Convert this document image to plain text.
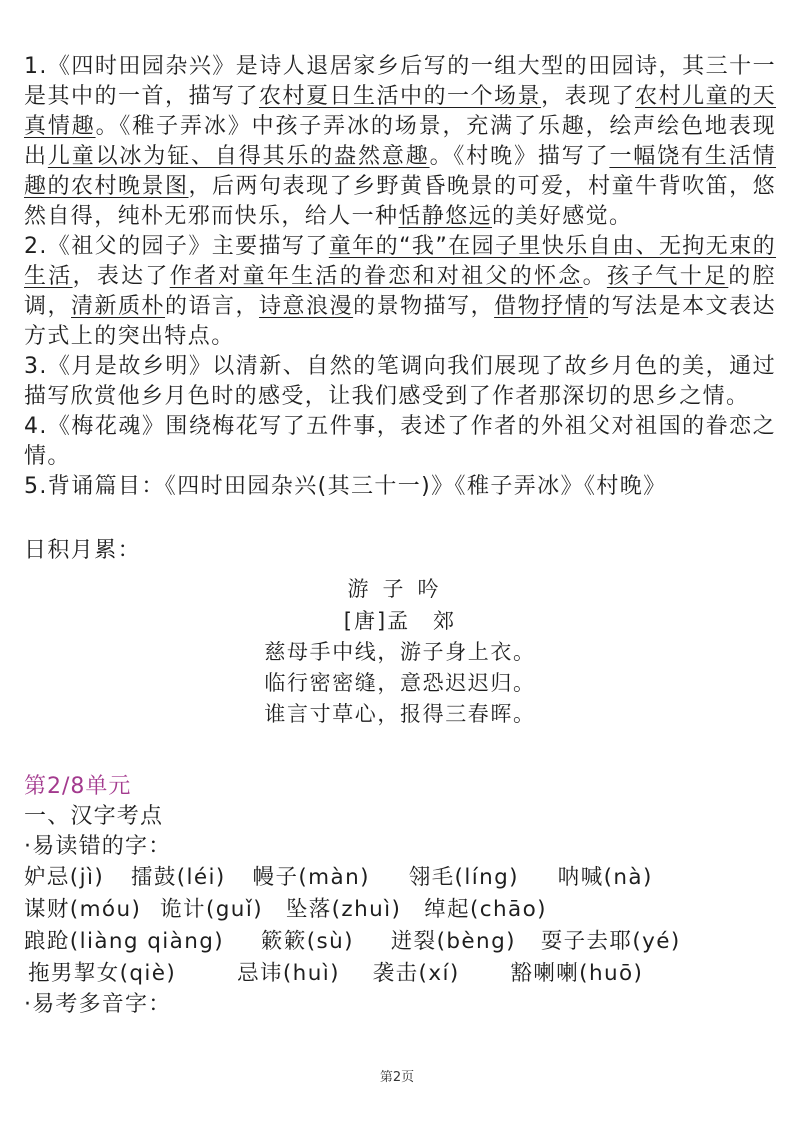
1.《四时田园杂兴》是诗人退居家乡后写的一组大型的田园诗，其三十一是其中的一首，描写了农村夏日生活中的一个场景，表现了农村儿童的天真情趣。《稚子弄冰》中孩子弄冰的场景，充满了乐趣，绘声绘色地表现出儿童以冰为钲、自得其乐的盎然意趣。《村晚》描写了一幅饶有生活情趣的农村晚景图，后两句表现了乡野黄昏晚景的可爱，村童牛背吹笛，悠然自得，纯朴无邪而快乐，给人一种恬静悠远的美好感觉。

2.《祖父的园子》主要描写了童年的“我”在园子里快乐自由、无拘无束的生活，表达了作者对童年生活的眷恋和对祖父的怀念。孩子气十足的腔调，清新质朴的语言，诗意浪漫的景物描写，借物抒情的写法是本文表达方式上的突出特点。

3.《月是故乡明》以清新、自然的笔调向我们展现了故乡月色的美，通过描写欣赏他乡月色时的感受，让我们感受到了作者那深切的思乡之情。

4.《梅花魂》围绕梅花写了五件事，表述了作者的外祖父对祖国的眷恋之情。

5.背诵篇目：《四时田园杂兴(其三十一)》《稚子弄冰》《村晚》

日积月累：

游子吟
[唐]孟　郊
慈母手中线，游子身上衣。
临行密密缝，意恐迟迟归。
谁言寸草心，报得三春晖。
第2/8单元
一、汉字考点
·易读错的字：
妒忌(jì) 擂鼓(léi) 幔子(màn) 翎毛(líng) 呐喊(nà)
谋财(móu) 诡计(guǐ) 坠落(zhuì) 绰起(chāo)
踉跄(liàng qiàng) 簌簌(sù) 迸裂(bèng) 耍子去耶(yé)
拖男挈女(qiè)	忌讳(huì) 袭击(xí) 豁喇喇(huō)
·易考多音字：
第2页
